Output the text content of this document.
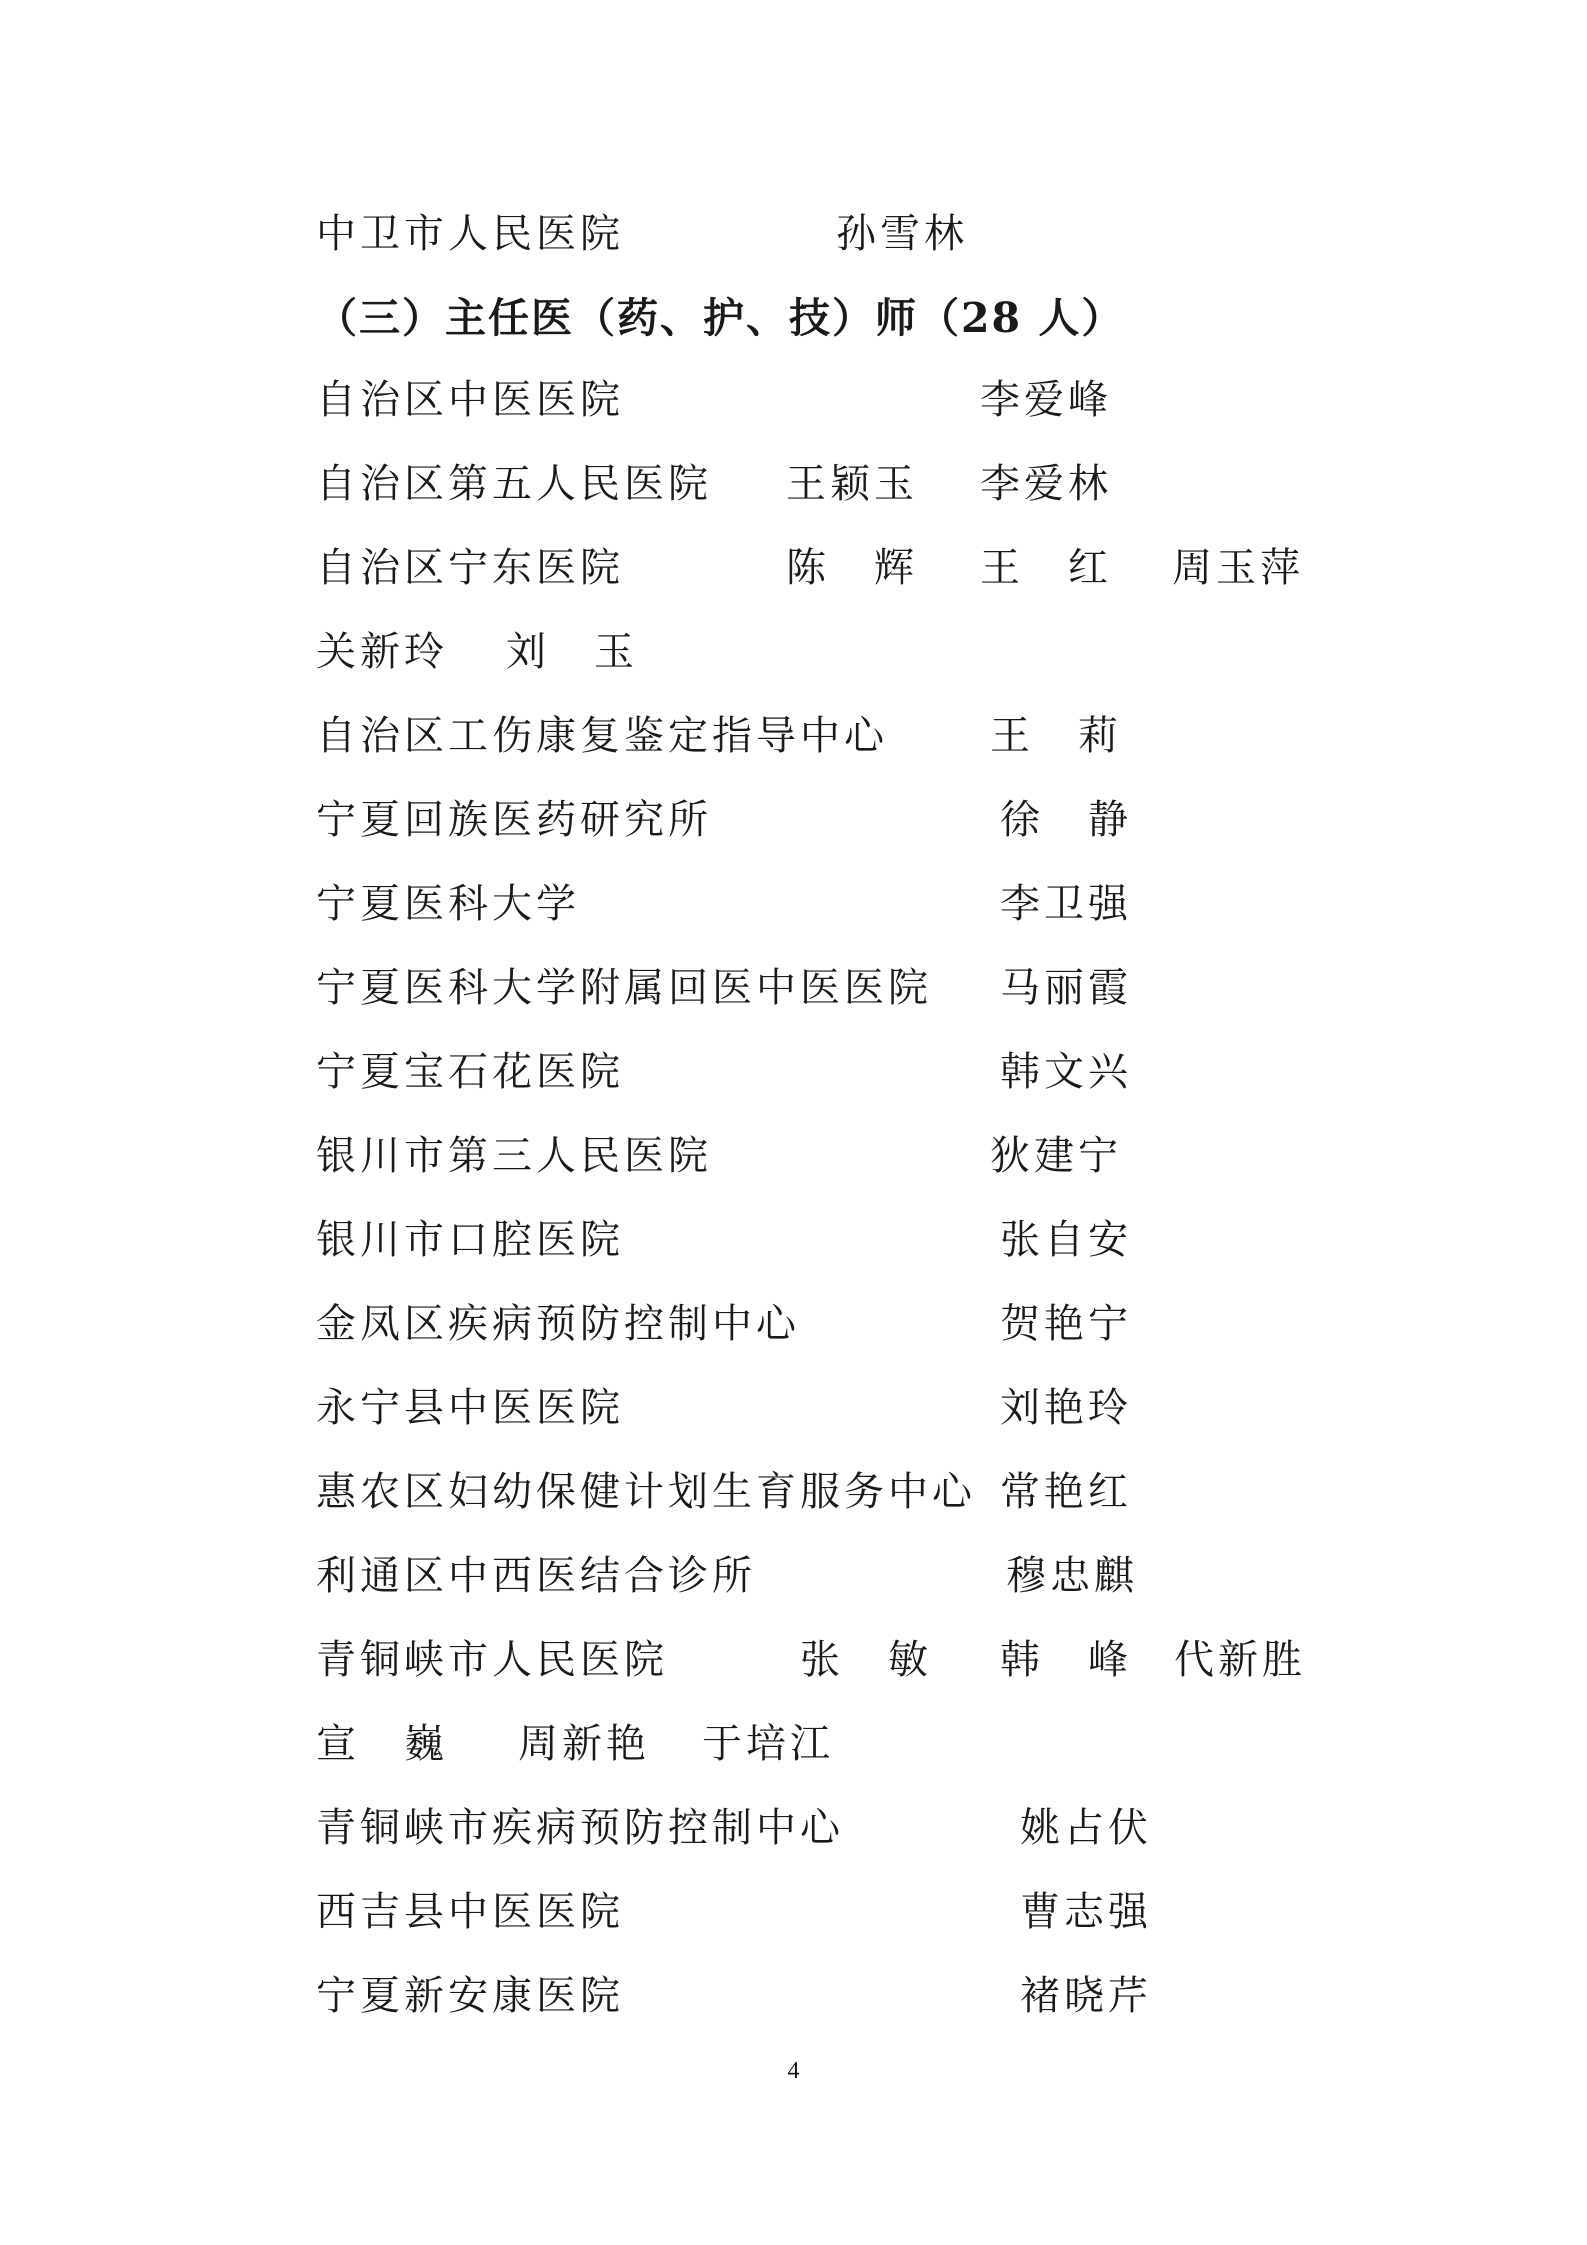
中卫市人民医院	孙雪林
（三）主任医（药、护、技）师（28 人）
自治区中医医院	李爱峰
自治区第五人民医院 王颖玉 李爱林
自治区宁东医院	陈　辉 王　红 周玉萍
关新玲 刘　玉
自治区工伤康复鉴定指导中心	王　莉
宁夏回族医药研究所	徐　静
宁夏医科大学	李卫强
宁夏医科大学附属回医中医医院 马丽霞
宁夏宝石花医院	韩文兴
银川市第三人民医院	狄建宁
银川市口腔医院	张自安
金凤区疾病预防控制中心	贺艳宁
永宁县中医医院	刘艳玲
惠农区妇幼保健计划生育服务中心 常艳红
利通区中西医结合诊所	穆忠麒
青铜峡市人民医院	张　敏 韩　峰 代新胜
宣　巍 周新艳 于培江
青铜峡市疾病预防控制中心	姚占伏
西吉县中医医院	曹志强
宁夏新安康医院	褚晓芹
4
